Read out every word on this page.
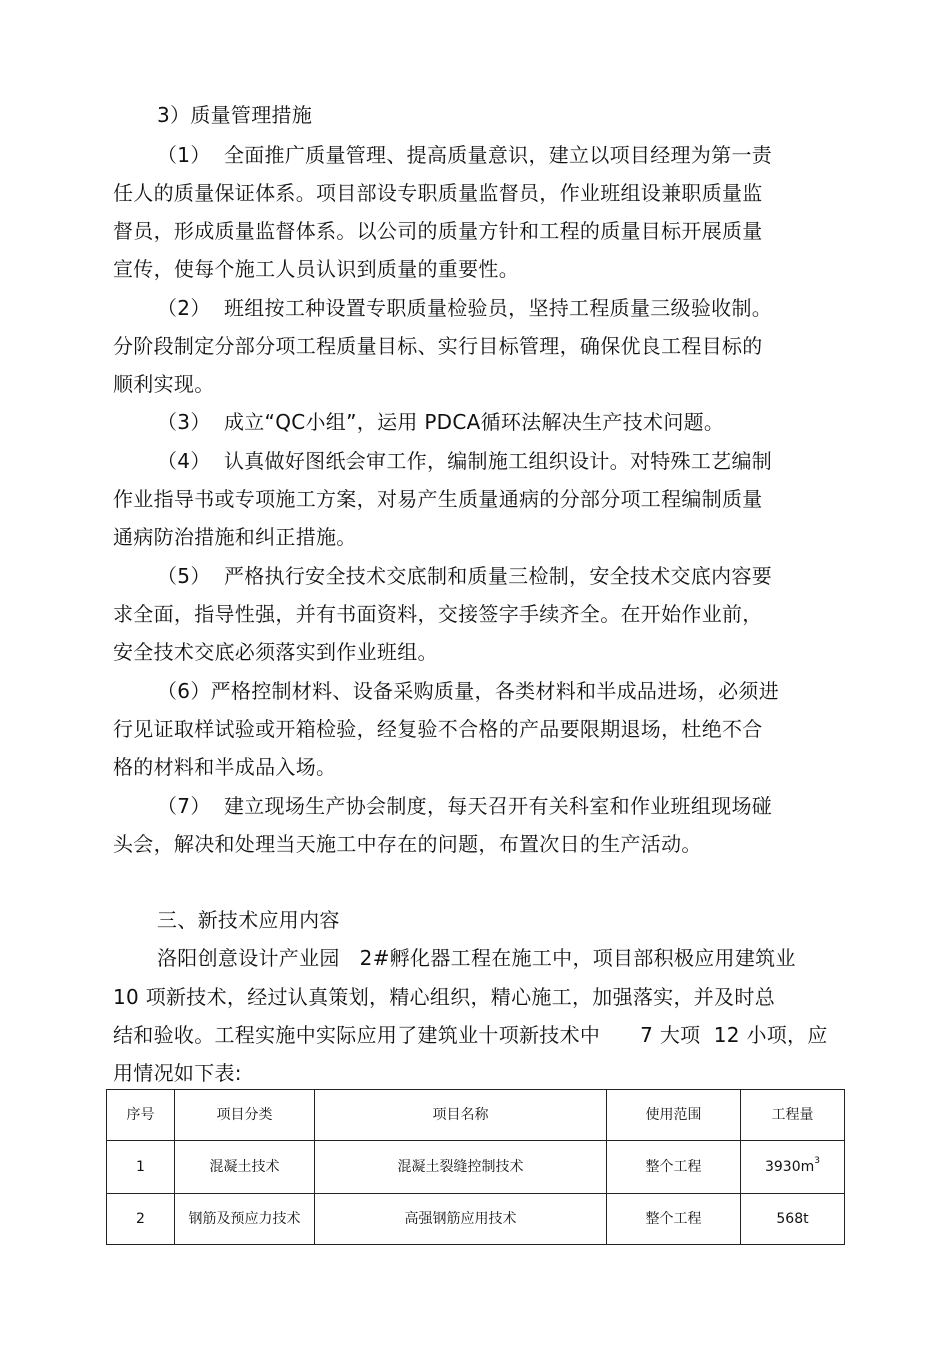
3）质量管理措施
（1）  全面推广质量管理、提高质量意识，建立以项目经理为第一责
任人的质量保证体系。项目部设专职质量监督员，作业班组设兼职质量监
督员，形成质量监督体系。以公司的质量方针和工程的质量目标开展质量
宣传，使每个施工人员认识到质量的重要性。
（2）  班组按工种设置专职质量检验员，坚持工程质量三级验收制。
分阶段制定分部分项工程质量目标、实行目标管理，确保优良工程目标的
顺利实现。
（3）  成立“QC小组”，运用 PDCA循环法解决生产技术问题。
（4）  认真做好图纸会审工作，编制施工组织设计。对特殊工艺编制
作业指导书或专项施工方案，对易产生质量通病的分部分项工程编制质量
通病防治措施和纠正措施。
（5）  严格执行安全技术交底制和质量三检制，安全技术交底内容要
求全面，指导性强，并有书面资料，交接签字手续齐全。在开始作业前，
安全技术交底必须落实到作业班组。
（6）严格控制材料、设备采购质量，各类材料和半成品进场，必须进
行见证取样试验或开箱检验，经复验不合格的产品要限期退场，杜绝不合
格的材料和半成品入场。
（7）  建立现场生产协会制度，每天召开有关科室和作业班组现场碰
头会，解决和处理当天施工中存在的问题，布置次日的生产活动。
三、新技术应用内容
洛阳创意设计产业园   2#孵化器工程在施工中，项目部积极应用建筑业
10 项新技术，经过认真策划，精心组织，精心施工，加强落实，并及时总
结和验收。工程实施中实际应用了建筑业十项新技术中      7 大项  12 小项，应
用情况如下表:
序号	项目分类	项目名称	使用范围	工程量
1	混凝土技术	混凝土裂缝控制技术	整个工程	$3930m^3$
2	钢筋及预应力技术	高强钢筋应用技术	整个工程	568t
